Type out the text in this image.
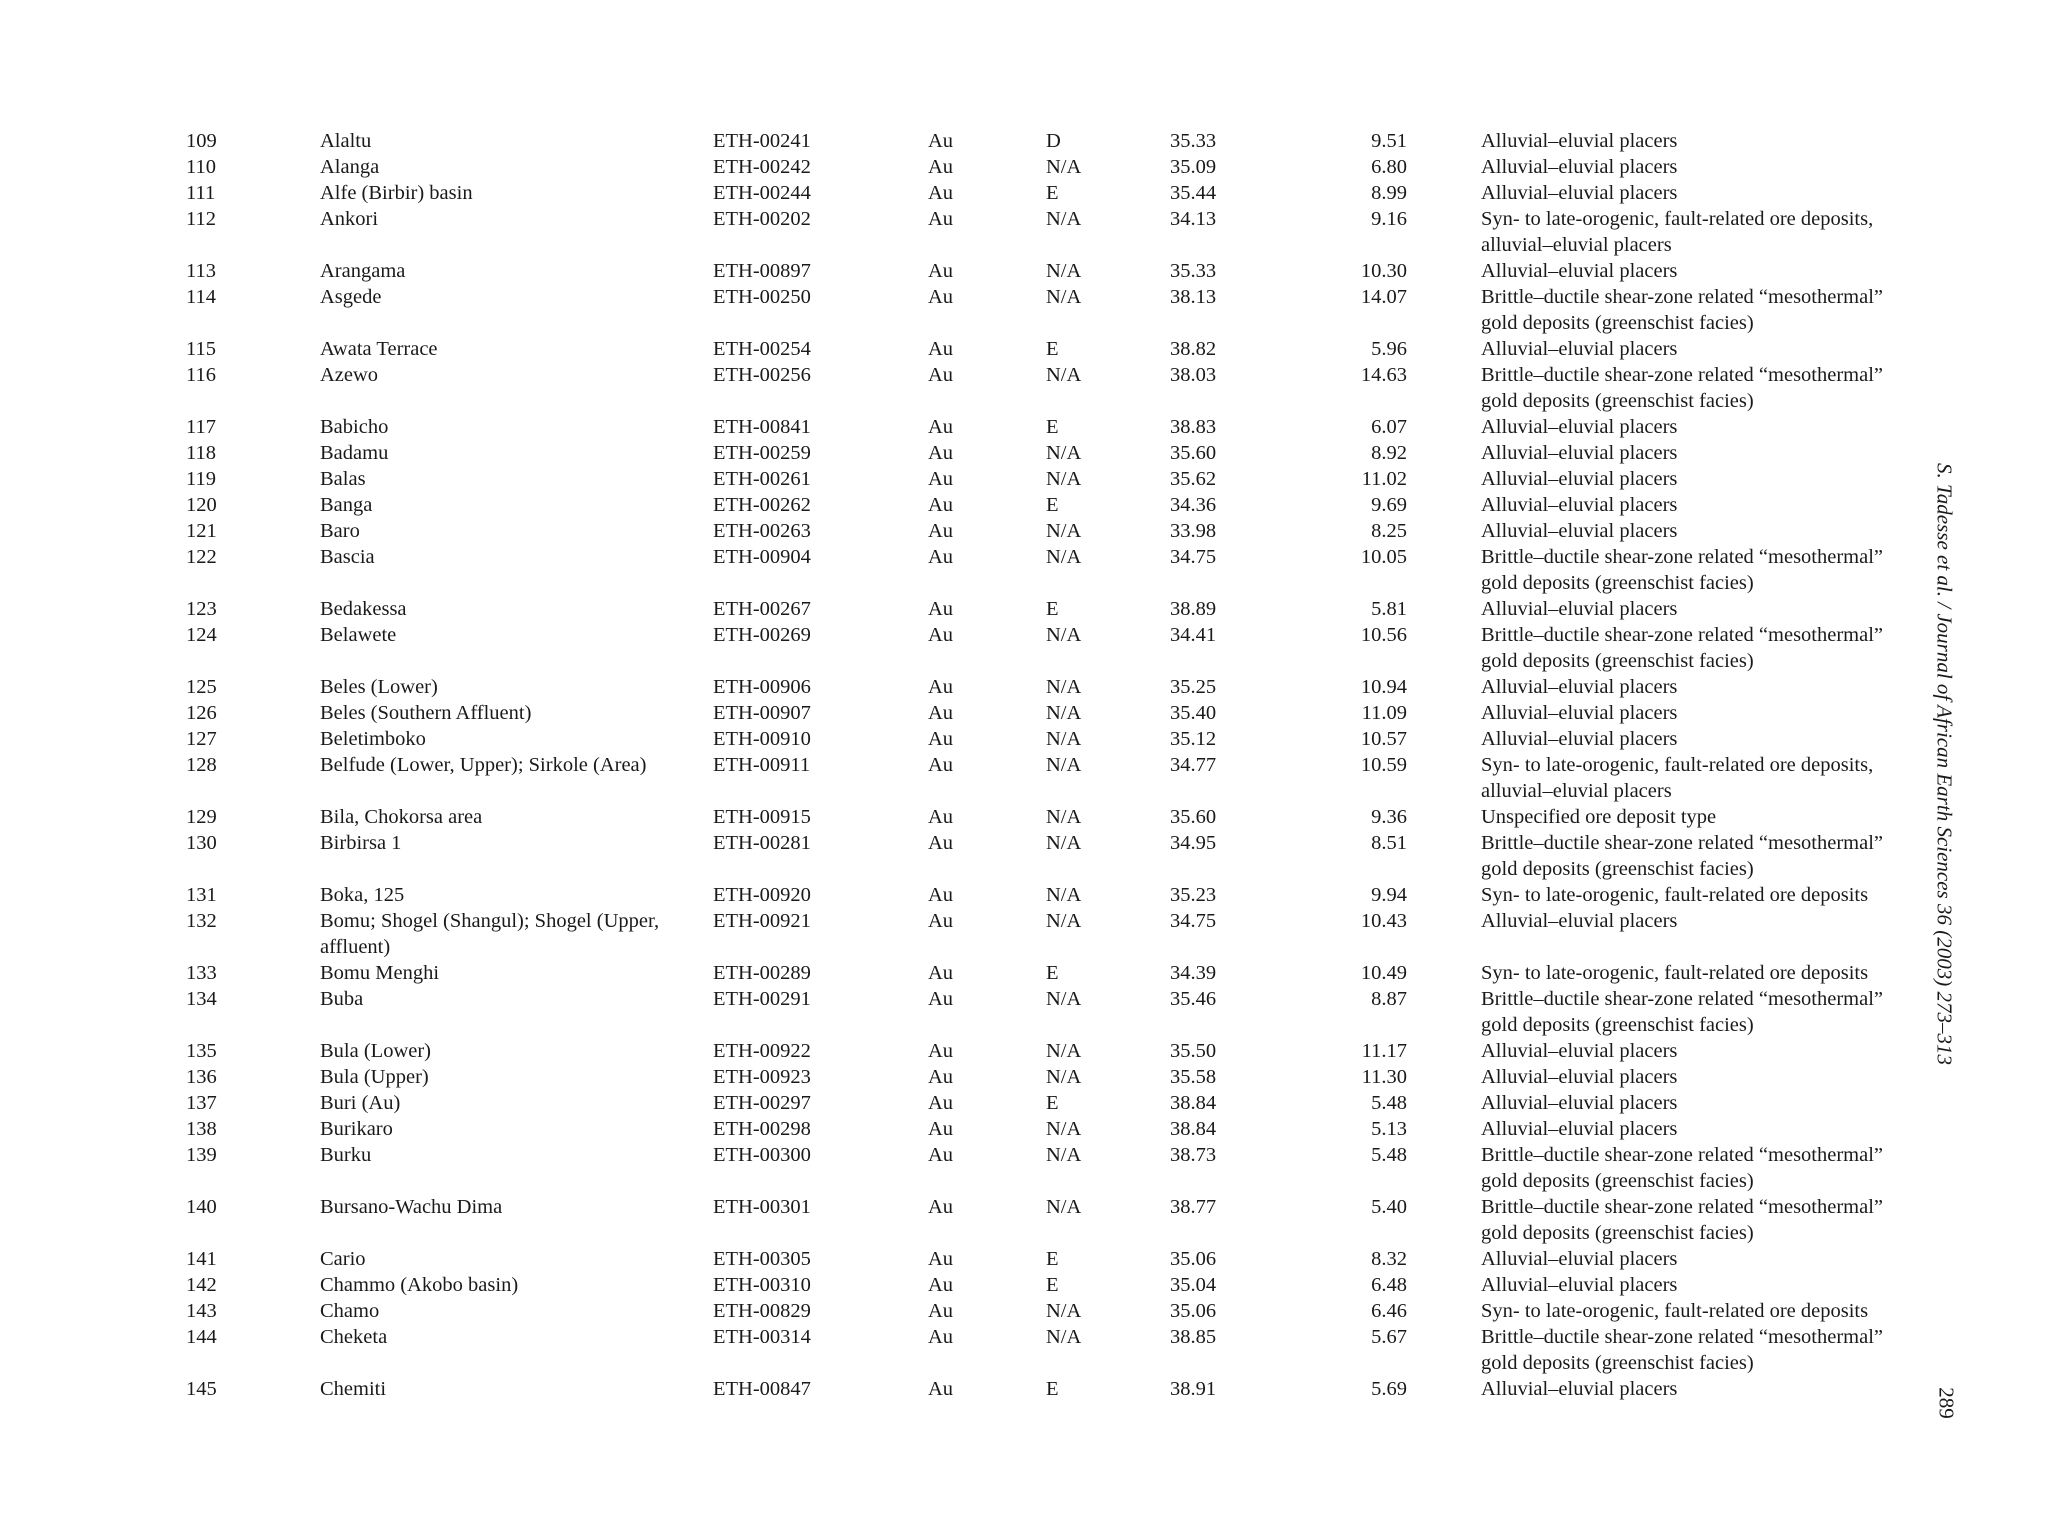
109	Alaltu	ETH-00241	Au	D	35.33	9.51		Alluvial–eluvial placers
110	Alanga	ETH-00242	Au	N/A	35.09	6.80		Alluvial–eluvial placers
111	Alfe (Birbir) basin	ETH-00244	Au	E	35.44	8.99		Alluvial–eluvial placers
112	Ankori	ETH-00202	Au	N/A	34.13	9.16		Syn- to late-orogenic, fault-related ore deposits, alluvial–eluvial placers
113	Arangama	ETH-00897	Au	N/A	35.33	10.30		Alluvial–eluvial placers
114	Asgede	ETH-00250	Au	N/A	38.13	14.07		Brittle–ductile shear-zone related “mesothermal” gold deposits (greenschist facies)
115	Awata Terrace	ETH-00254	Au	E	38.82	5.96		Alluvial–eluvial placers
116	Azewo	ETH-00256	Au	N/A	38.03	14.63		Brittle–ductile shear-zone related “mesothermal” gold deposits (greenschist facies)
117	Babicho	ETH-00841	Au	E	38.83	6.07		Alluvial–eluvial placers
118	Badamu	ETH-00259	Au	N/A	35.60	8.92		Alluvial–eluvial placers
119	Balas	ETH-00261	Au	N/A	35.62	11.02		Alluvial–eluvial placers
120	Banga	ETH-00262	Au	E	34.36	9.69		Alluvial–eluvial placers
121	Baro	ETH-00263	Au	N/A	33.98	8.25		Alluvial–eluvial placers
122	Bascia	ETH-00904	Au	N/A	34.75	10.05		Brittle–ductile shear-zone related “mesothermal” gold deposits (greenschist facies)
123	Bedakessa	ETH-00267	Au	E	38.89	5.81		Alluvial–eluvial placers
124	Belawete	ETH-00269	Au	N/A	34.41	10.56		Brittle–ductile shear-zone related “mesothermal” gold deposits (greenschist facies)
125	Beles (Lower)	ETH-00906	Au	N/A	35.25	10.94		Alluvial–eluvial placers
126	Beles (Southern Affluent)	ETH-00907	Au	N/A	35.40	11.09		Alluvial–eluvial placers
127	Beletimboko	ETH-00910	Au	N/A	35.12	10.57		Alluvial–eluvial placers
128	Belfude (Lower, Upper); Sirkole (Area)	ETH-00911	Au	N/A	34.77	10.59		Syn- to late-orogenic, fault-related ore deposits, alluvial–eluvial placers
129	Bila, Chokorsa area	ETH-00915	Au	N/A	35.60	9.36		Unspecified ore deposit type
130	Birbirsa 1	ETH-00281	Au	N/A	34.95	8.51		Brittle–ductile shear-zone related “mesothermal” gold deposits (greenschist facies)
131	Boka, 125	ETH-00920	Au	N/A	35.23	9.94		Syn- to late-orogenic, fault-related ore deposits
132	Bomu; Shogel (Shangul); Shogel (Upper, affluent)	ETH-00921	Au	N/A	34.75	10.43		Alluvial–eluvial placers
133	Bomu Menghi	ETH-00289	Au	E	34.39	10.49		Syn- to late-orogenic, fault-related ore deposits
134	Buba	ETH-00291	Au	N/A	35.46	8.87		Brittle–ductile shear-zone related “mesothermal” gold deposits (greenschist facies)
135	Bula (Lower)	ETH-00922	Au	N/A	35.50	11.17		Alluvial–eluvial placers
136	Bula (Upper)	ETH-00923	Au	N/A	35.58	11.30		Alluvial–eluvial placers
137	Buri (Au)	ETH-00297	Au	E	38.84	5.48		Alluvial–eluvial placers
138	Burikaro	ETH-00298	Au	N/A	38.84	5.13		Alluvial–eluvial placers
139	Burku	ETH-00300	Au	N/A	38.73	5.48		Brittle–ductile shear-zone related “mesothermal” gold deposits (greenschist facies)
140	Bursano-Wachu Dima	ETH-00301	Au	N/A	38.77	5.40		Brittle–ductile shear-zone related “mesothermal” gold deposits (greenschist facies)
141	Cario	ETH-00305	Au	E	35.06	8.32		Alluvial–eluvial placers
142	Chammo (Akobo basin)	ETH-00310	Au	E	35.04	6.48		Alluvial–eluvial placers
143	Chamo	ETH-00829	Au	N/A	35.06	6.46		Syn- to late-orogenic, fault-related ore deposits
144	Cheketa	ETH-00314	Au	N/A	38.85	5.67		Brittle–ductile shear-zone related “mesothermal” gold deposits (greenschist facies)
145	Chemiti	ETH-00847	Au	E	38.91	5.69		Alluvial–eluvial placers
S. Tadesse et al. / Journal of African Earth Sciences 36 (2003) 273–313
289
